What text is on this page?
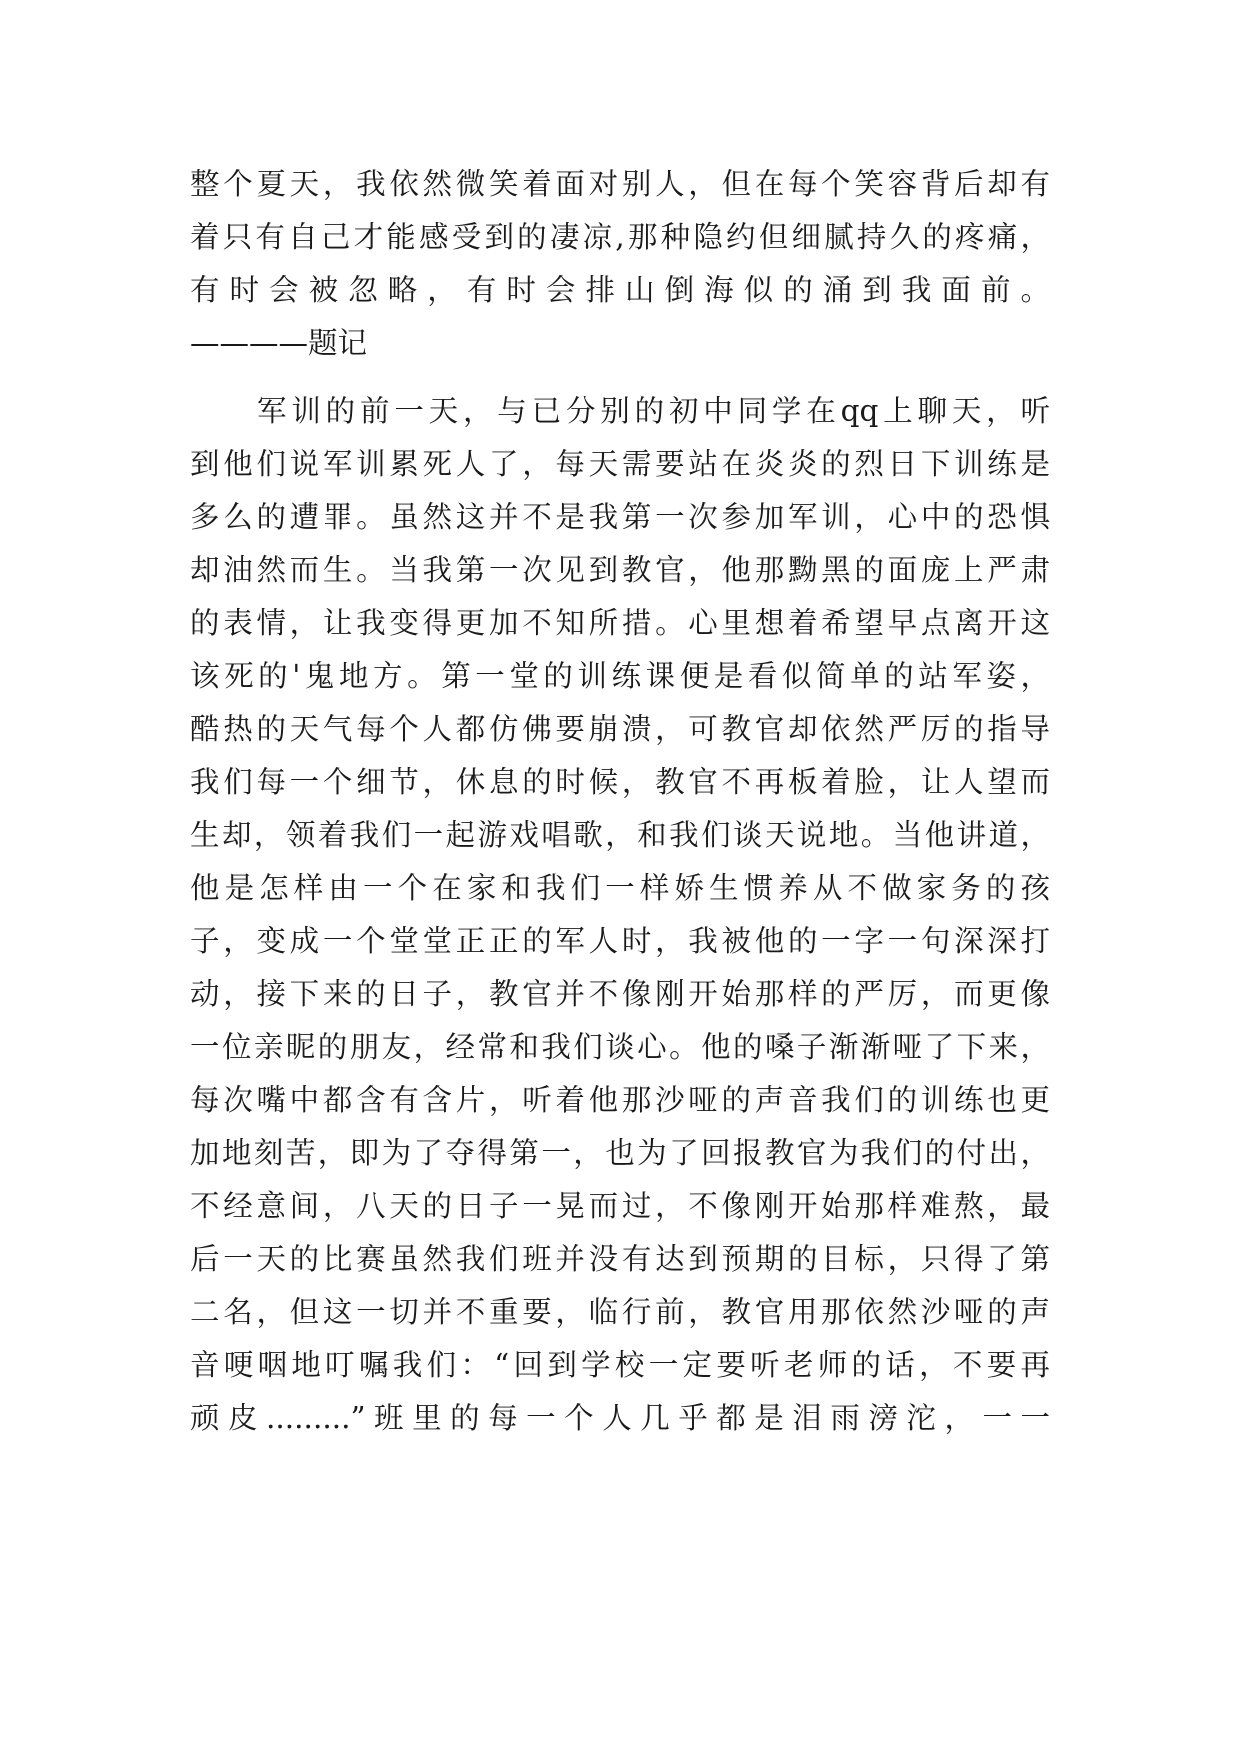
整个夏天，我依然微笑着面对别人，但在每个笑容背后却有
着只有自己才能感受到的凄凉,那种隐约但细腻持久的疼痛，
有时会被忽略，有时会排山倒海似的涌到我面前。
————题记
军训的前一天，与已分别的初中同学在qq上聊天，听
到他们说军训累死人了，每天需要站在炎炎的烈日下训练是
多么的遭罪。虽然这并不是我第一次参加军训，心中的恐惧
却油然而生。当我第一次见到教官，他那黝黑的面庞上严肃
的表情，让我变得更加不知所措。心里想着希望早点离开这
该死的'鬼地方。第一堂的训练课便是看似简单的站军姿，
酷热的天气每个人都仿佛要崩溃，可教官却依然严厉的指导
我们每一个细节，休息的时候，教官不再板着脸，让人望而
生却，领着我们一起游戏唱歌，和我们谈天说地。当他讲道，
他是怎样由一个在家和我们一样娇生惯养从不做家务的孩
子，变成一个堂堂正正的军人时，我被他的一字一句深深打
动，接下来的日子，教官并不像刚开始那样的严厉，而更像
一位亲昵的朋友，经常和我们谈心。他的嗓子渐渐哑了下来，
每次嘴中都含有含片，听着他那沙哑的声音我们的训练也更
加地刻苦，即为了夺得第一，也为了回报教官为我们的付出，
不经意间，八天的日子一晃而过，不像刚开始那样难熬，最
后一天的比赛虽然我们班并没有达到预期的目标，只得了第
二名，但这一切并不重要，临行前，教官用那依然沙哑的声
音哽咽地叮嘱我们：“回到学校一定要听老师的话，不要再
顽皮.........”班里的每一个人几乎都是泪雨滂沱，一一
